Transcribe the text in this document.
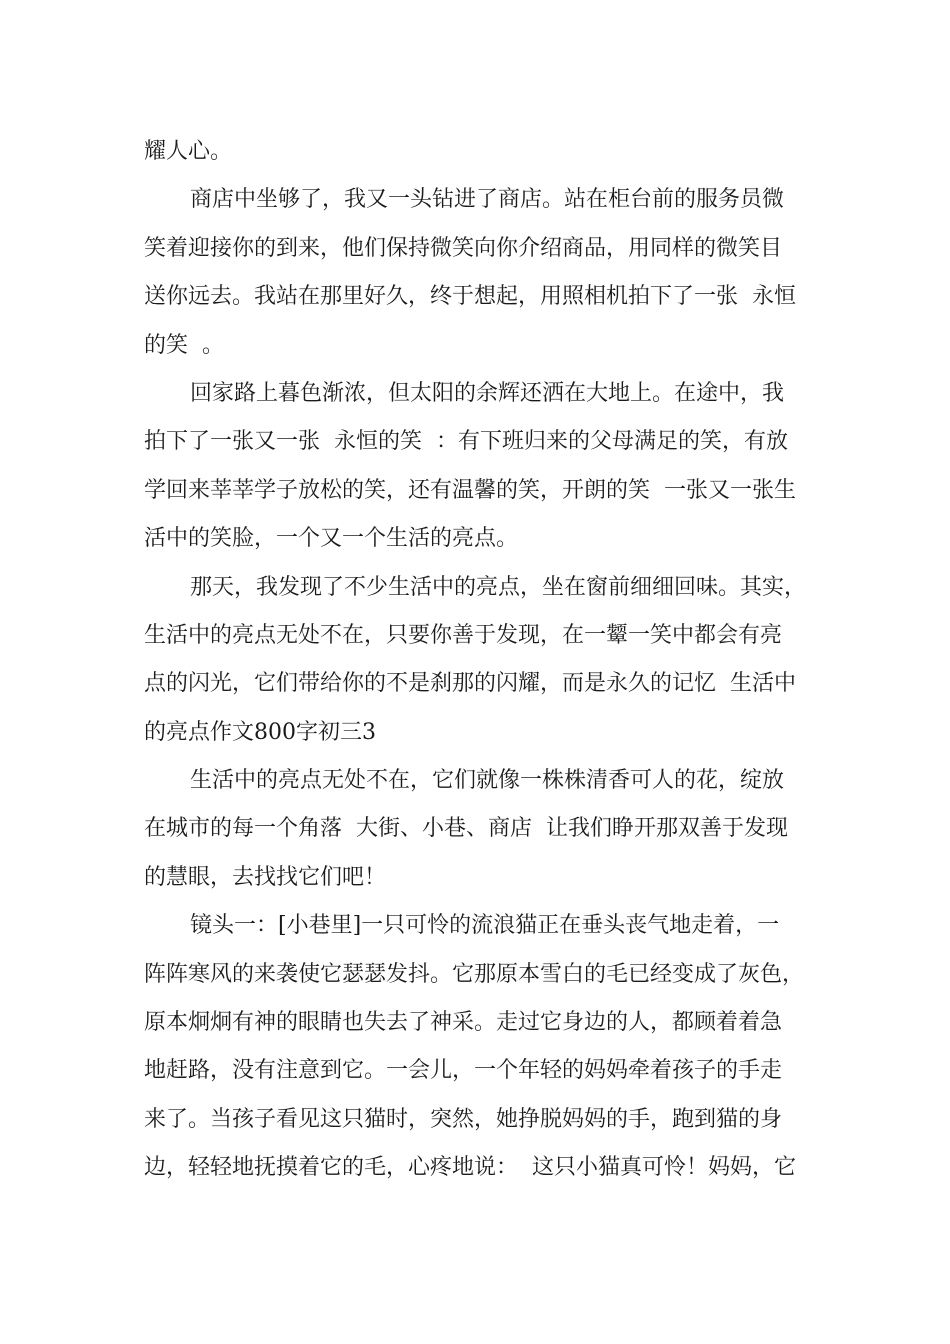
耀人心。
商店中坐够了，我又一头钻进了商店。站在柜台前的服务员微
笑着迎接你的到来，他们保持微笑向你介绍商品，用同样的微笑目
送你远去。我站在那里好久，终于想起，用照相机拍下了一张  永恒
的笑  。
回家路上暮色渐浓，但太阳的余辉还洒在大地上。在途中，我
拍下了一张又一张  永恒的笑  ：有下班归来的父母满足的笑，有放
学回来莘莘学子放松的笑，还有温馨的笑，开朗的笑  一张又一张生
活中的笑脸，一个又一个生活的亮点。
那天，我发现了不少生活中的亮点，坐在窗前细细回味。其实，
生活中的亮点无处不在，只要你善于发现，在一颦一笑中都会有亮
点的闪光，它们带给你的不是刹那的闪耀，而是永久的记忆  生活中
的亮点作文800字初三3
生活中的亮点无处不在，它们就像一株株清香可人的花，绽放
在城市的每一个角落  大街、小巷、商店  让我们睁开那双善于发现
的慧眼，去找找它们吧！
镜头一：[小巷里]一只可怜的流浪猫正在垂头丧气地走着，一
阵阵寒风的来袭使它瑟瑟发抖。它那原本雪白的毛已经变成了灰色，
原本炯炯有神的眼睛也失去了神采。走过它身边的人，都顾着着急
地赶路，没有注意到它。一会儿，一个年轻的妈妈牵着孩子的手走
来了。当孩子看见这只猫时，突然，她挣脱妈妈的手，跑到猫的身
边，轻轻地抚摸着它的毛，心疼地说：  这只小猫真可怜！妈妈，它
